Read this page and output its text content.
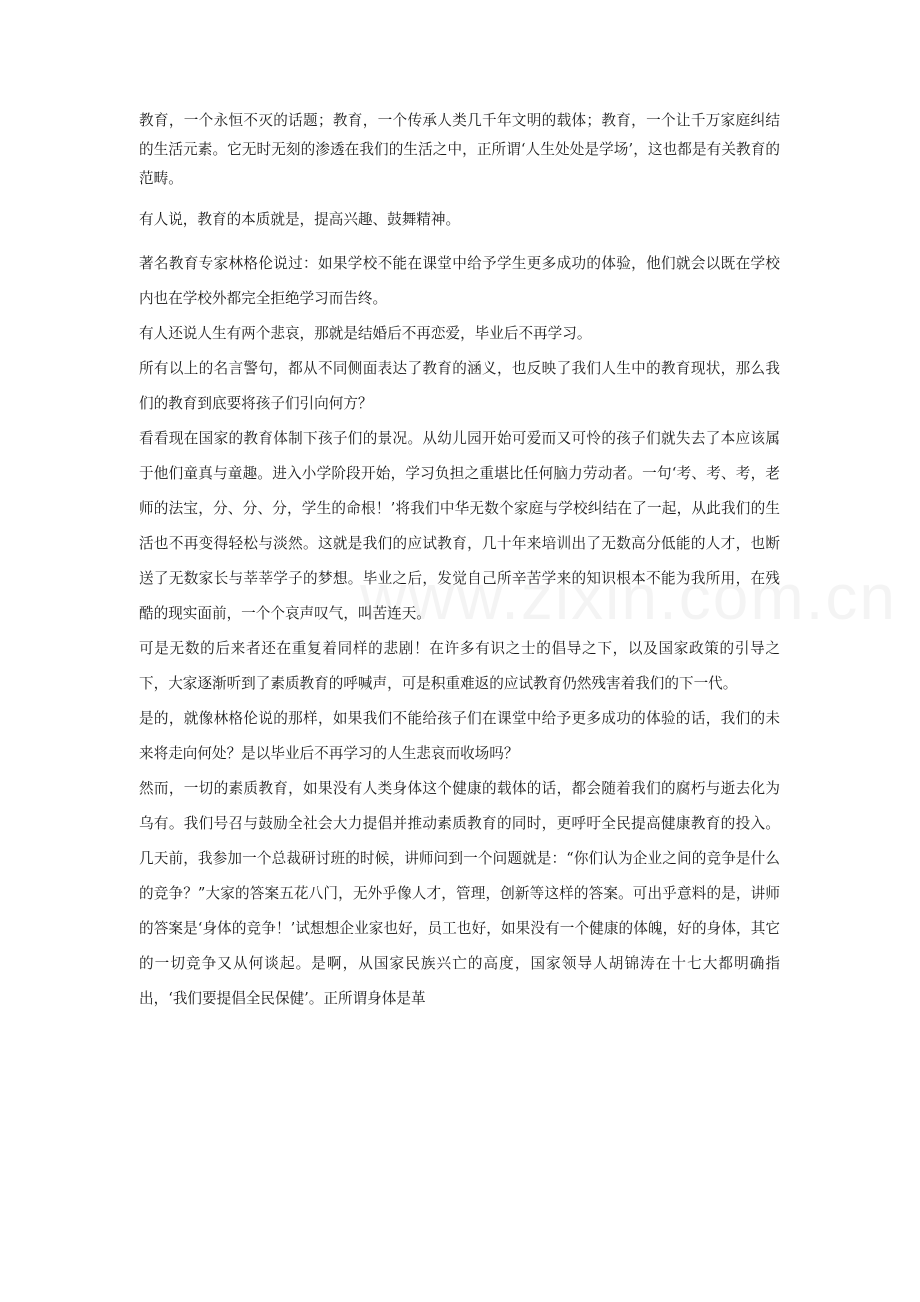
教育，一个永恒不灭的话题；教育，一个传承人类几千年文明的载体；教育，一个让千万家庭纠结的生活元素。它无时无刻的渗透在我们的生活之中，正所谓‘人生处处是学场’，这也都是有关教育的范畴。

有人说，教育的本质就是，提高兴趣、鼓舞精神。

著名教育专家林格伦说过：如果学校不能在课堂中给予学生更多成功的体验，他们就会以既在学校内也在学校外都完全拒绝学习而告终。

有人还说人生有两个悲哀，那就是结婚后不再恋爱，毕业后不再学习。

所有以上的名言警句，都从不同侧面表达了教育的涵义，也反映了我们人生中的教育现状，那么我们的教育到底要将孩子们引向何方？

看看现在国家的教育体制下孩子们的景况。从幼儿园开始可爱而又可怜的孩子们就失去了本应该属于他们童真与童趣。进入小学阶段开始，学习负担之重堪比任何脑力劳动者。一句‘考、考、考，老师的法宝，分、分、分，学生的命根！’将我们中华无数个家庭与学校纠结在了一起，从此我们的生活也不再变得轻松与淡然。这就是我们的应试教育，几十年来培训出了无数高分低能的人才，也断送了无数家长与莘莘学子的梦想。毕业之后，发觉自己所辛苦学来的知识根本不能为我所用，在残酷的现实面前，一个个哀声叹气，叫苦连天。

可是无数的后来者还在重复着同样的悲剧！在许多有识之士的倡导之下，以及国家政策的引导之下，大家逐渐听到了素质教育的呼喊声，可是积重难返的应试教育仍然残害着我们的下一代。

是的，就像林格伦说的那样，如果我们不能给孩子们在课堂中给予更多成功的体验的话，我们的未来将走向何处？是以毕业后不再学习的人生悲哀而收场吗？

然而，一切的素质教育，如果没有人类身体这个健康的载体的话，都会随着我们的腐朽与逝去化为乌有。我们号召与鼓励全社会大力提倡并推动素质教育的同时，更呼吁全民提高健康教育的投入。几天前，我参加一个总裁研讨班的时候，讲师问到一个问题就是：“你们认为企业之间的竞争是什么的竞争？”大家的答案五花八门，无外乎像人才，管理，创新等这样的答案。可出乎意料的是，讲师的答案是‘身体的竞争！’试想想企业家也好，员工也好，如果没有一个健康的体魄，好的身体，其它的一切竞争又从何谈起。是啊，从国家民族兴亡的高度，国家领导人胡锦涛在十七大都明确指出，‘我们要提倡全民保健’。正所谓身体是革
